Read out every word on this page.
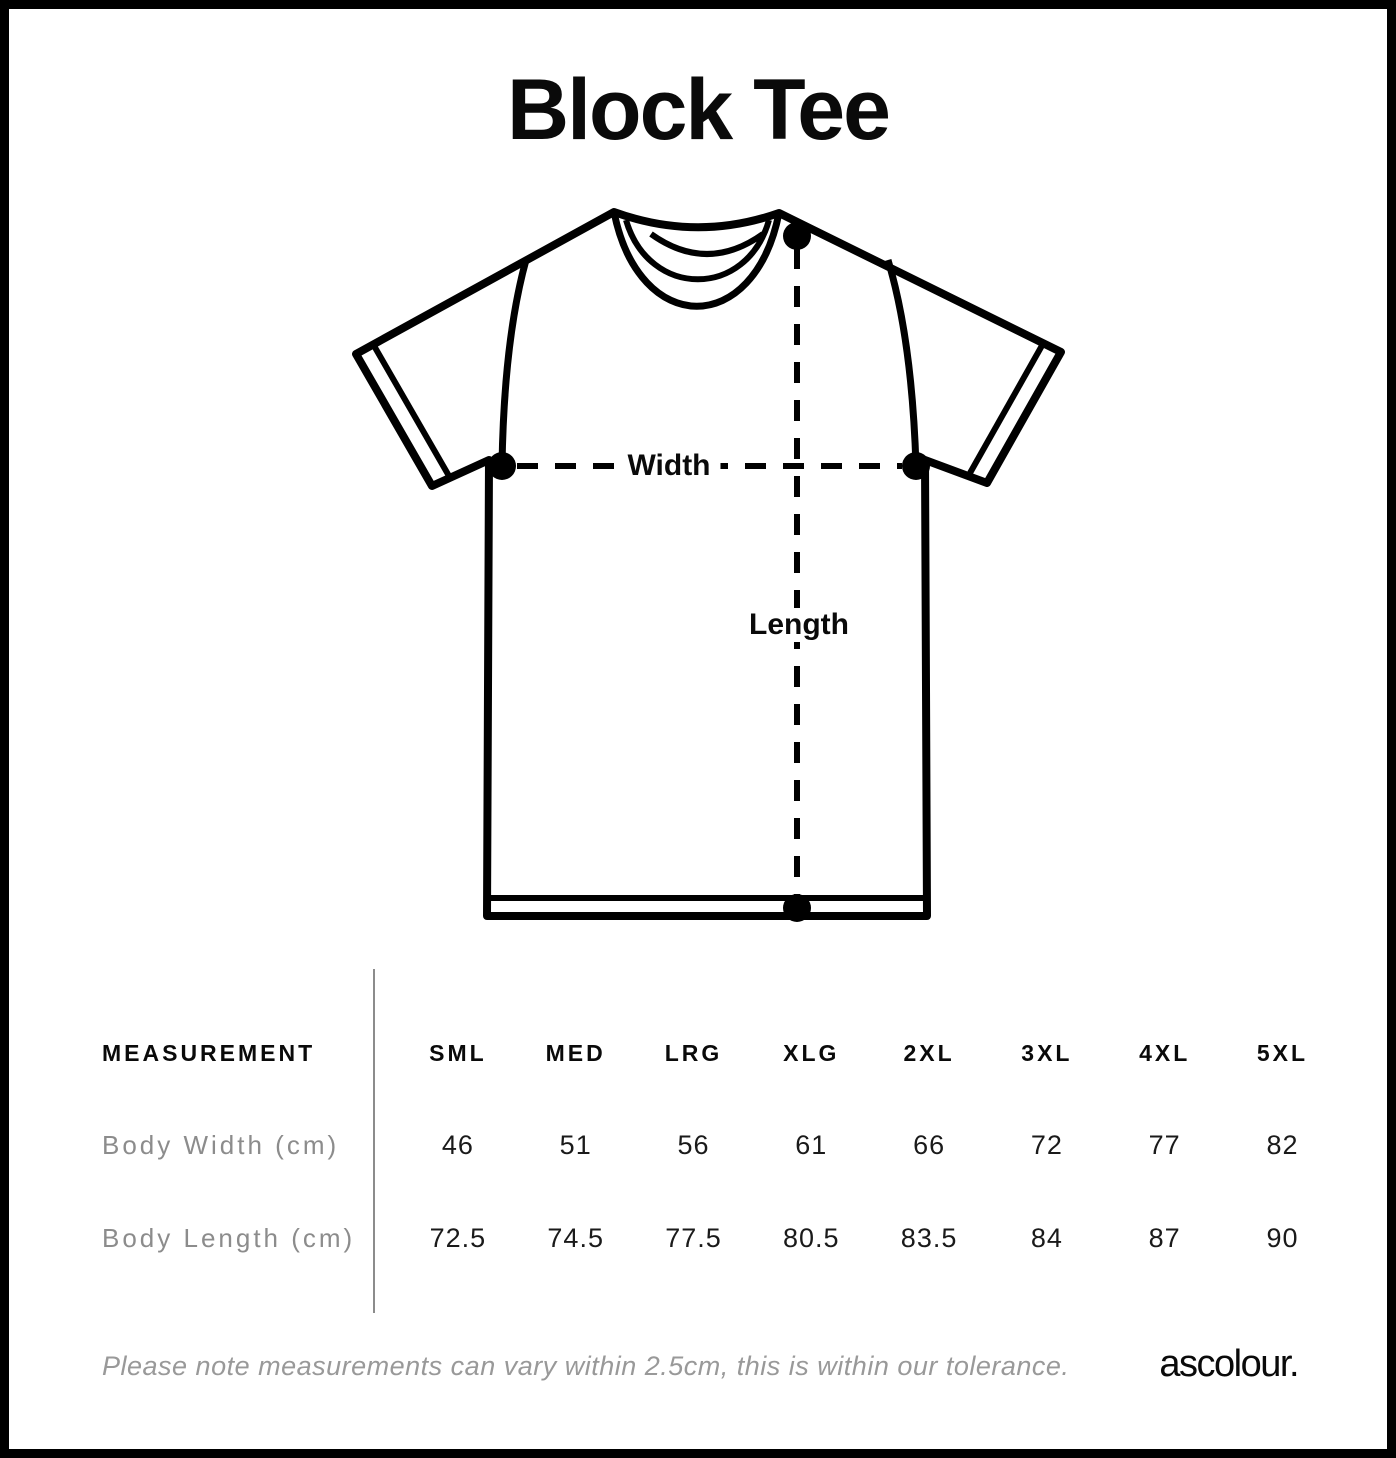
Block Tee
Width
Length
MEASUREMENT	SML	MED	LRG	XLG	2XL	3XL	4XL	5XL
Body Width (cm)	46	51	56	61	66	72	77	82
Body Length (cm)	72.5	74.5	77.5	80.5	83.5	84	87	90
Please note measurements can vary within 2.5cm, this is within our tolerance. ascolour.
